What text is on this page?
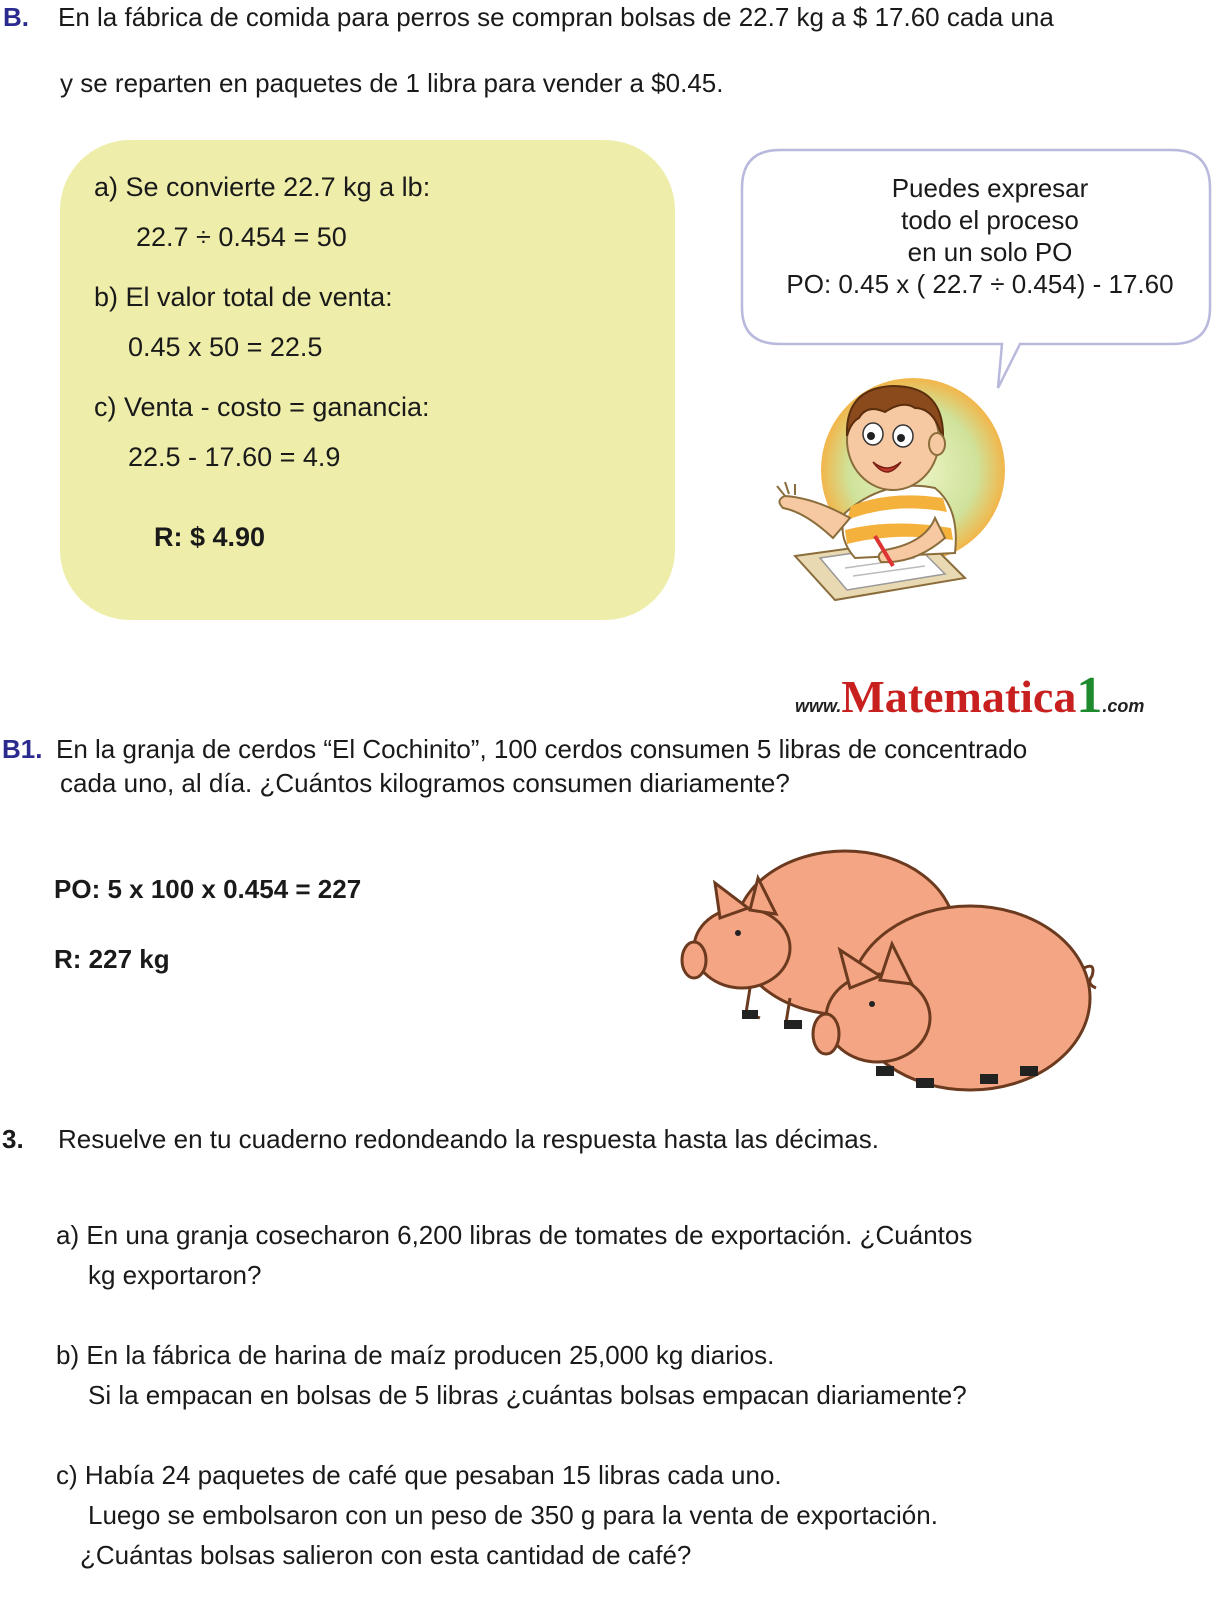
B. En la fábrica de comida para perros se compran bolsas de 22.7 kg a $ 17.60 cada una
y se reparten en paquetes de 1 libra para vender a $0.45.
a) Se convierte 22.7 kg a lb:
22.7 ÷ 0.454 = 50
b) El valor total de venta:
0.45 x 50 = 22.5
c) Venta - costo = ganancia:
22.5 - 17.60 = 4.9
R: $ 4.90
Puedes expresar
todo el proceso
en un solo PO
PO: 0.45 x ( 22.7 ÷ 0.454) - 17.60
www.Matematica1.com
B1. En la granja de cerdos “El Cochinito”, 100 cerdos consumen 5 libras de concentrado
cada uno, al día. ¿Cuántos kilogramos consumen diariamente?
PO: 5 x 100 x 0.454 = 227
R: 227 kg
3. Resuelve en tu cuaderno redondeando la respuesta hasta las décimas.
a) En una granja cosecharon 6,200 libras de tomates de exportación. ¿Cuántos
kg exportaron?
b) En la fábrica de harina de maíz producen 25,000 kg diarios.
Si la empacan en bolsas de 5 libras ¿cuántas bolsas empacan diariamente?
c) Había 24 paquetes de café que pesaban 15 libras cada uno.
Luego se embolsaron con un peso de 350 g para la venta de exportación.
¿Cuántas bolsas salieron con esta cantidad de café?
